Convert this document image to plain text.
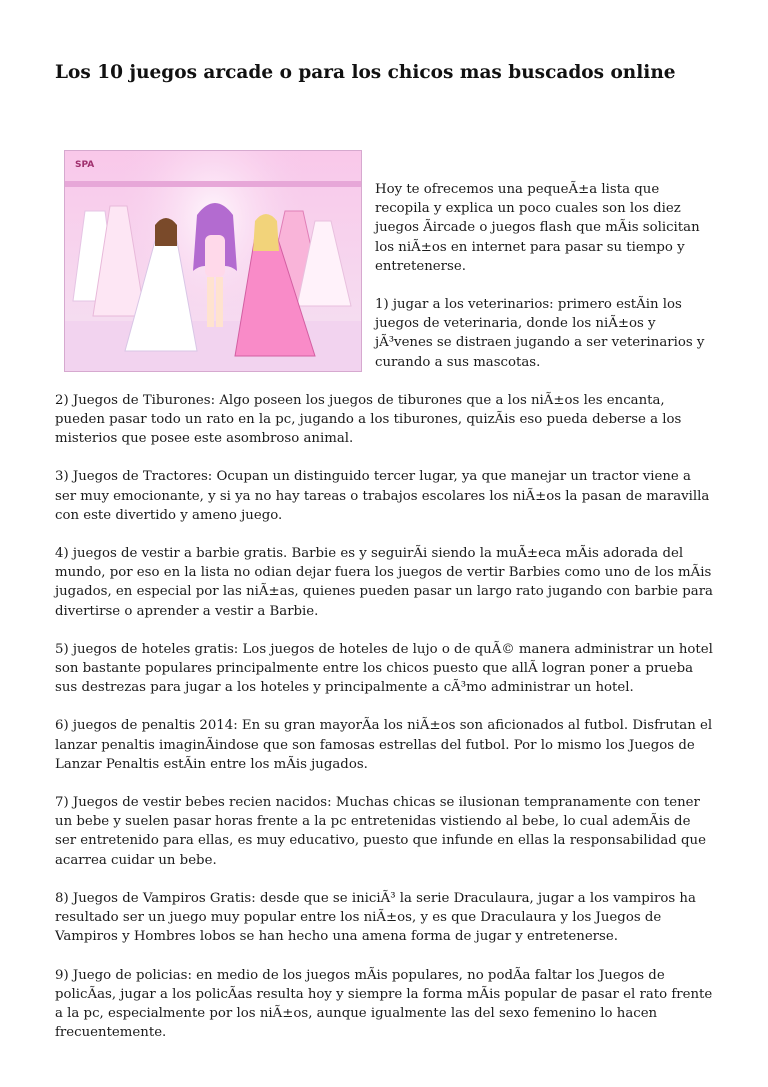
Los 10 juegos arcade o para los chicos mas buscados online
SPA

Hoy te ofrecemos una pequeÃ±a lista que recopila y explica un poco cuales son los diez juegos Ãircade o juegos flash que mÃis solicitan los niÃ±os en internet para pasar su tiempo y entretenerse.

1) jugar a los veterinarios: primero estÃin los juegos de veterinaria, donde los niÃ±os y jÃ³venes se distraen jugando a ser veterinarios y curando a sus mascotas.

2) Juegos de Tiburones: Algo poseen los juegos de tiburones que a los niÃ±os les encanta, pueden pasar todo un rato en la pc, jugando a los tiburones, quizÃis eso pueda deberse a los misterios que posee este asombroso animal.

3) Juegos de Tractores: Ocupan un distinguido tercer lugar, ya que manejar un tractor viene a ser muy emocionante, y si ya no hay tareas o trabajos escolares los niÃ±os la pasan de maravilla con este divertido y ameno juego.

4) juegos de vestir a barbie gratis. Barbie es y seguirÃi siendo la muÃ±eca mÃis adorada del mundo, por eso en la lista no odian dejar fuera los juegos de vertir Barbies como uno de los mÃis jugados, en especial por las niÃ±as, quienes pueden pasar un largo rato jugando con barbie para divertirse o aprender a vestir a Barbie.

5) juegos de hoteles gratis: Los juegos de hoteles de lujo o de quÃ© manera administrar un hotel son bastante populares principalmente entre los chicos puesto que allÃ logran poner a prueba sus destrezas para jugar a los hoteles y principalmente a cÃ³mo administrar un hotel.

6) juegos de penaltis 2014: En su gran mayorÃa los niÃ±os son aficionados al futbol. Disfrutan el lanzar penaltis imaginÃindose que son famosas estrellas del futbol. Por lo mismo los Juegos de Lanzar Penaltis estÃin entre los mÃis jugados.

7) Juegos de vestir bebes recien nacidos: Muchas chicas se ilusionan tempranamente con tener un bebe y suelen pasar horas frente a la pc entretenidas vistiendo al bebe, lo cual ademÃis de ser entretenido para ellas, es muy educativo, puesto que infunde en ellas la responsabilidad que acarrea cuidar un bebe.

8) Juegos de Vampiros Gratis: desde que se iniciÃ³ la serie Draculaura, jugar a los vampiros ha resultado ser un juego muy popular entre los niÃ±os, y es que Draculaura y los Juegos de Vampiros y Hombres lobos se han hecho una amena forma de jugar y entretenerse.

9) Juego de policias: en medio de los juegos mÃis populares, no podÃa faltar los Juegos de policÃas, jugar a los policÃas resulta hoy y siempre la forma mÃis popular de pasar el rato frente a la pc, especialmente por los niÃ±os, aunque igualmente las del sexo femenino lo hacen frecuentemente.
